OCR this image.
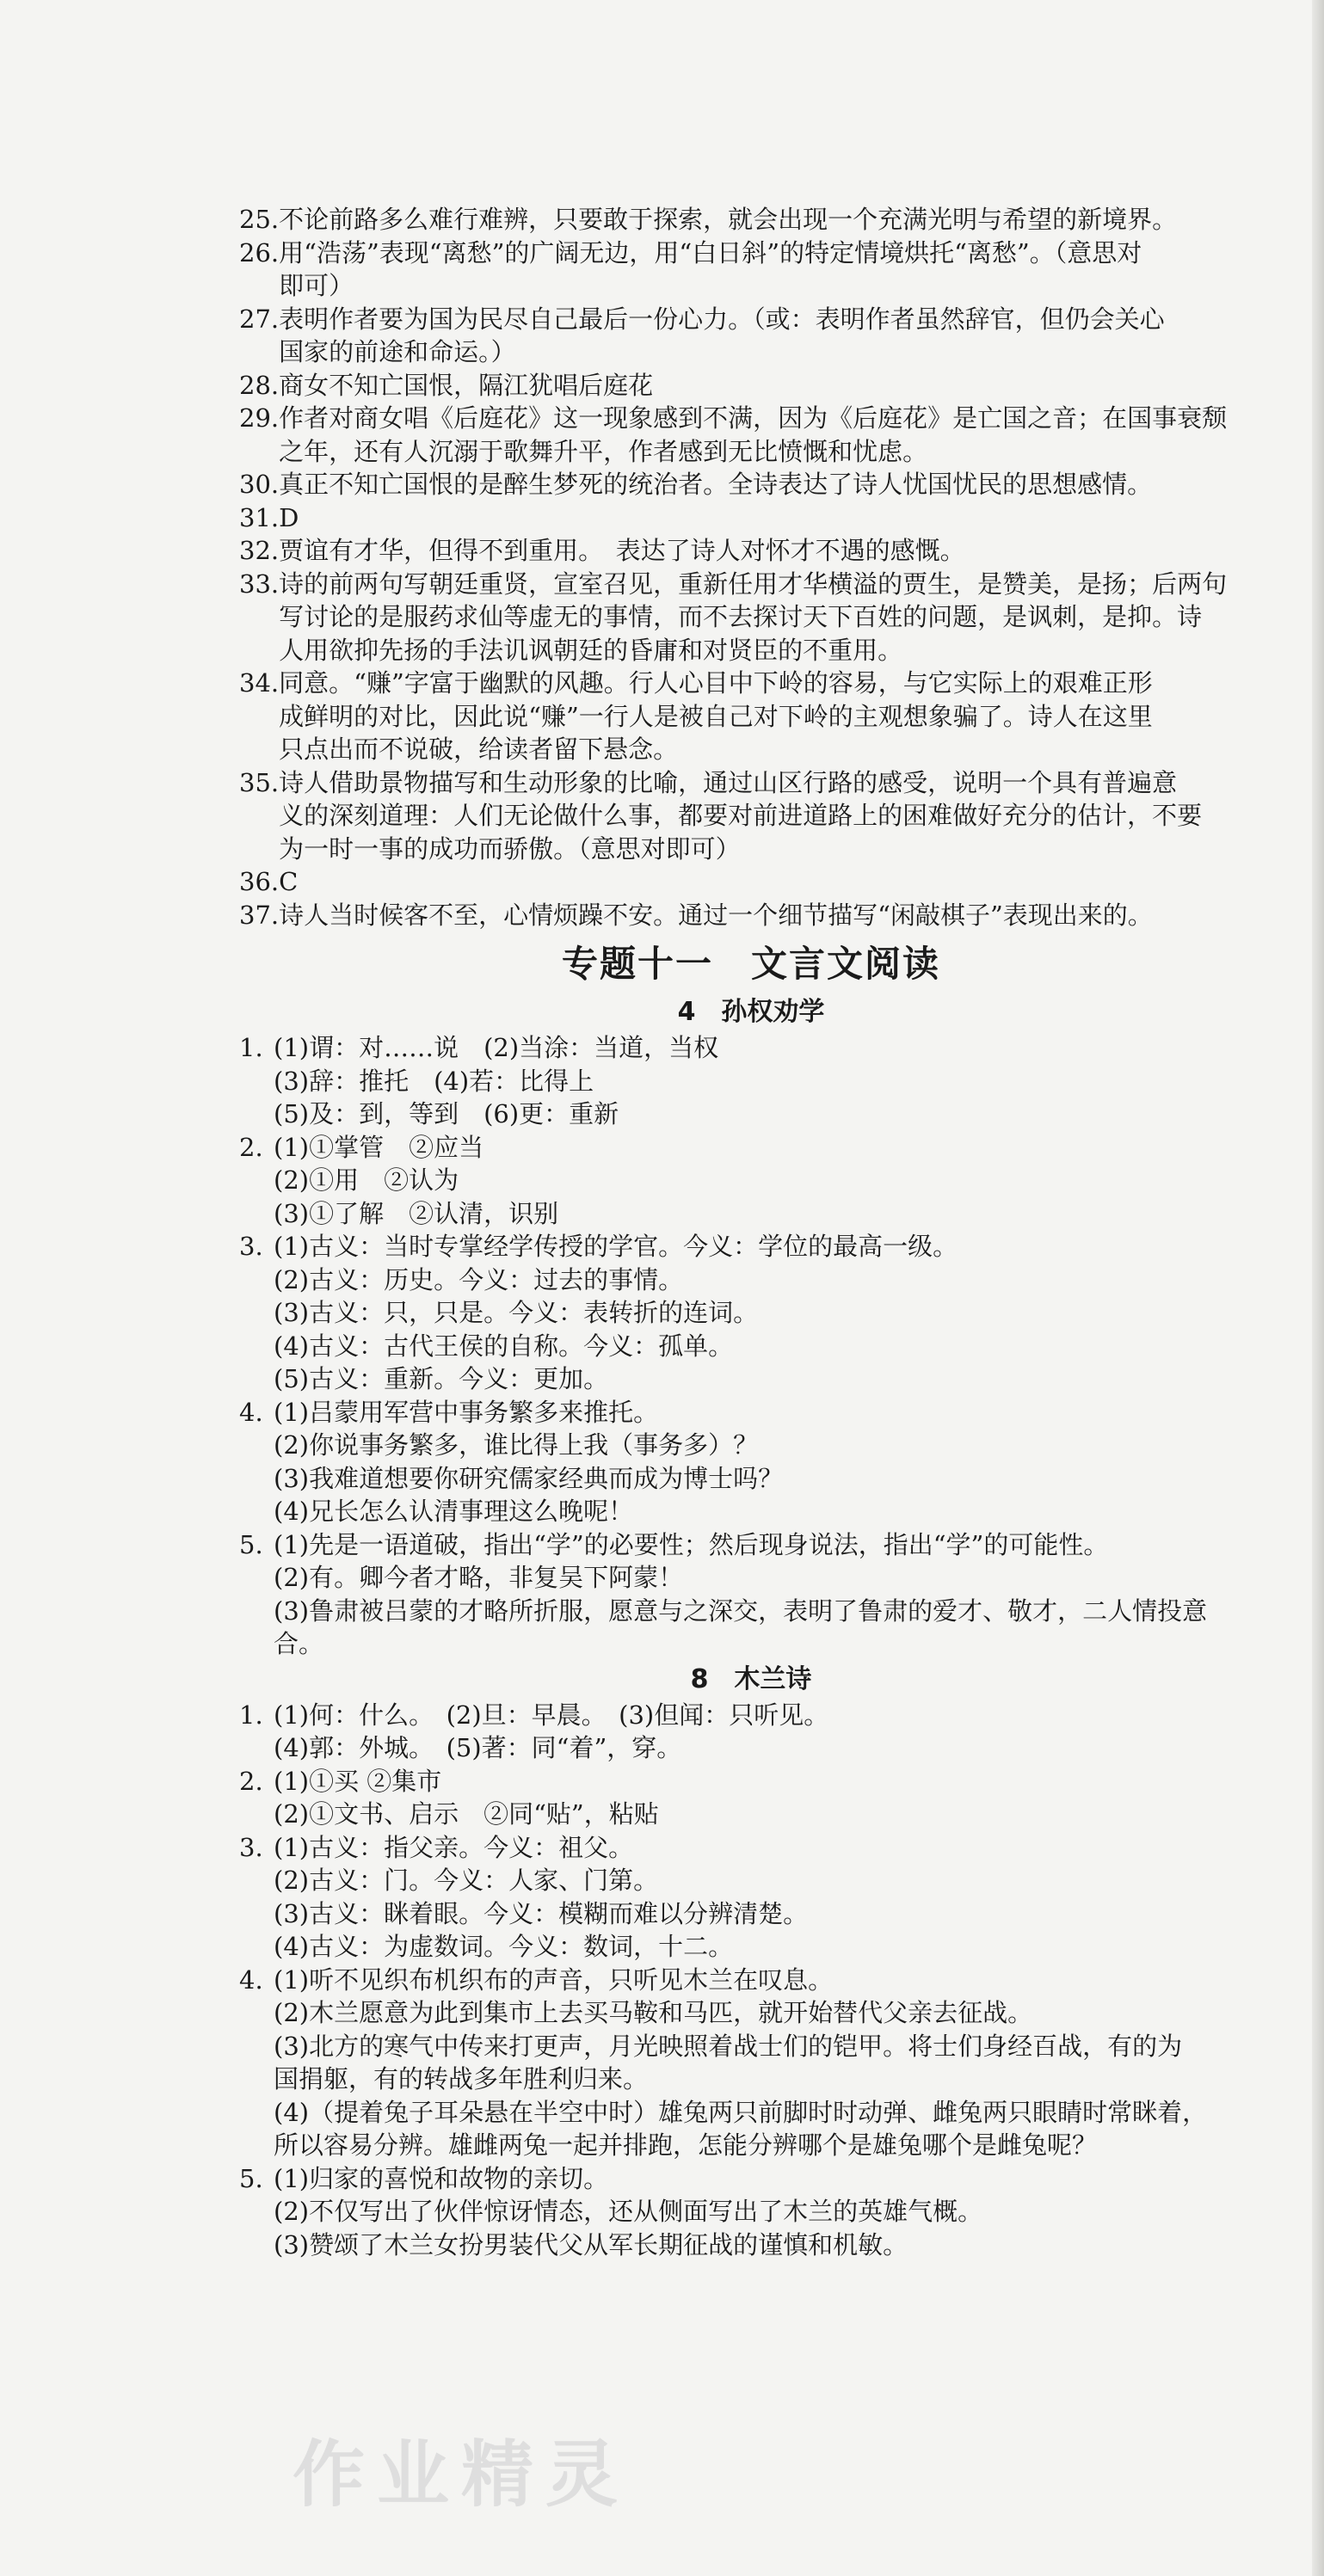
25. 不论前路多么难行难辨，只要敢于探索，就会出现一个充满光明与希望的新境界。
26. 用“浩荡”表现“离愁”的广阔无边，用“白日斜”的特定情境烘托“离愁”。（意思对
即可）
27. 表明作者要为国为民尽自己最后一份心力。（或：表明作者虽然辞官，但仍会关心
国家的前途和命运。）
28. 商女不知亡国恨，隔江犹唱后庭花
29. 作者对商女唱《后庭花》这一现象感到不满，因为《后庭花》是亡国之音；在国事衰颓
之年，还有人沉溺于歌舞升平，作者感到无比愤慨和忧虑。
30. 真正不知亡国恨的是醉生梦死的统治者。全诗表达了诗人忧国忧民的思想感情。
31. D
32. 贾谊有才华，但得不到重用。　表达了诗人对怀才不遇的感慨。
33. 诗的前两句写朝廷重贤，宣室召见，重新任用才华横溢的贾生，是赞美，是扬；后两句
写讨论的是服药求仙等虚无的事情，而不去探讨天下百姓的问题，是讽刺，是抑。诗
人用欲抑先扬的手法讥讽朝廷的昏庸和对贤臣的不重用。
34. 同意。“赚”字富于幽默的风趣。行人心目中下岭的容易，与它实际上的艰难正形
成鲜明的对比，因此说“赚”一行人是被自己对下岭的主观想象骗了。诗人在这里
只点出而不说破，给读者留下悬念。
35. 诗人借助景物描写和生动形象的比喻，通过山区行路的感受，说明一个具有普遍意
义的深刻道理：人们无论做什么事，都要对前进道路上的困难做好充分的估计，不要
为一时一事的成功而骄傲。（意思对即可）
36. C
37. 诗人当时候客不至，心情烦躁不安。通过一个细节描写“闲敲棋子”表现出来的。
专题十一　文言文阅读
4　孙权劝学
1. (1)谓：对……说　(2)当涂：当道，当权
(3)辞：推托　(4)若：比得上
(5)及：到，等到　(6)更：重新
2. (1)①掌管　②应当
(2)①用　②认为
(3)①了解　②认清，识别
3. (1)古义：当时专掌经学传授的学官。今义：学位的最高一级。
(2)古义：历史。今义：过去的事情。
(3)古义：只，只是。今义：表转折的连词。
(4)古义：古代王侯的自称。今义：孤单。
(5)古义：重新。今义：更加。
4. (1)吕蒙用军营中事务繁多来推托。
(2)你说事务繁多，谁比得上我（事务多）？
(3)我难道想要你研究儒家经典而成为博士吗？
(4)兄长怎么认清事理这么晚呢！
5. (1)先是一语道破，指出“学”的必要性；然后现身说法，指出“学”的可能性。
(2)有。卿今者才略，非复吴下阿蒙！
(3)鲁肃被吕蒙的才略所折服，愿意与之深交，表明了鲁肃的爱才、敬才，二人情投意
合。
8　木兰诗
1. (1)何：什么。　(2)旦：早晨。　(3)但闻：只听见。
(4)郭：外城。　(5)著：同“着”，穿。
2. (1)①买 ②集市
(2)①文书、启示　②同“贴”，粘贴
3. (1)古义：指父亲。今义：祖父。
(2)古义：门。今义：人家、门第。
(3)古义：眯着眼。今义：模糊而难以分辨清楚。
(4)古义：为虚数词。今义：数词，十二。
4. (1)听不见织布机织布的声音，只听见木兰在叹息。
(2)木兰愿意为此到集市上去买马鞍和马匹，就开始替代父亲去征战。
(3)北方的寒气中传来打更声，月光映照着战士们的铠甲。将士们身经百战，有的为
国捐躯，有的转战多年胜利归来。
(4)（提着兔子耳朵悬在半空中时）雄兔两只前脚时时动弹、雌兔两只眼睛时常眯着，
所以容易分辨。雄雌两兔一起并排跑，怎能分辨哪个是雄兔哪个是雌兔呢？
5. (1)归家的喜悦和故物的亲切。
(2)不仅写出了伙伴惊讶情态，还从侧面写出了木兰的英雄气概。
(3)赞颂了木兰女扮男装代父从军长期征战的谨慎和机敏。
作业精灵
